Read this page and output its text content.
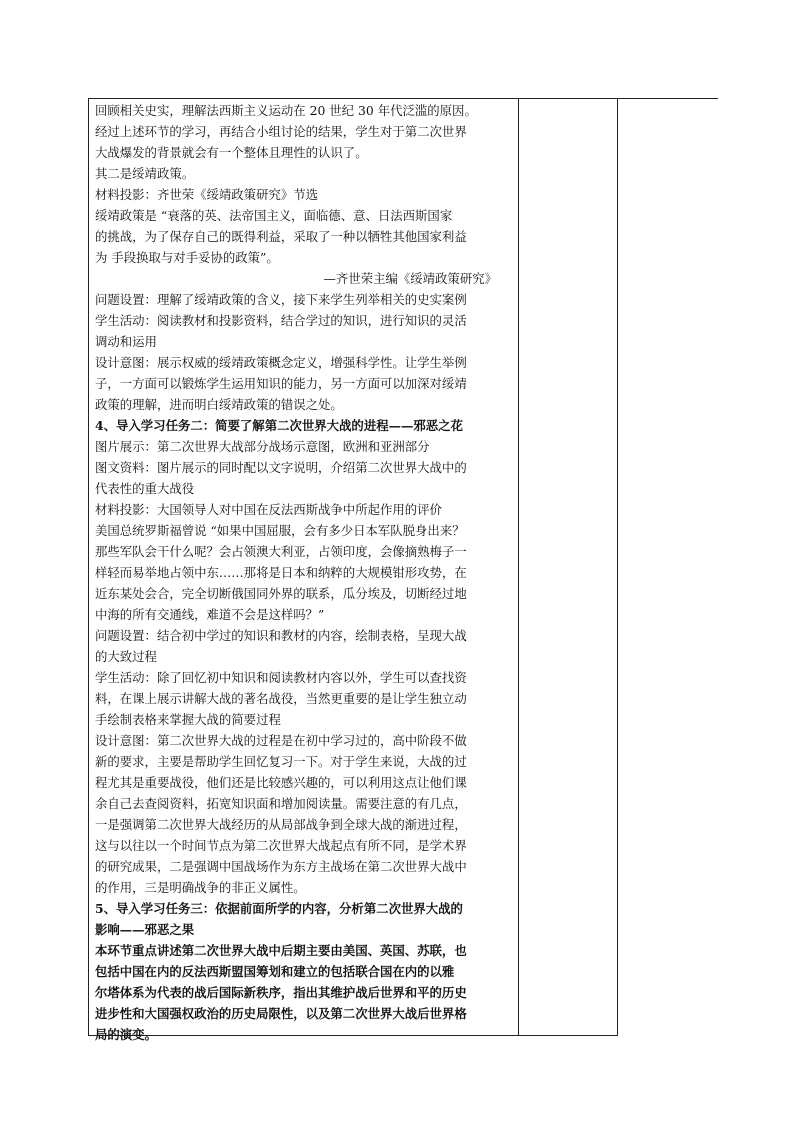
回顾相关史实，理解法西斯主义运动在 20 世纪 30 年代泛滥的原因。
经过上述环节的学习，再结合小组讨论的结果，学生对于第二次世界
大战爆发的背景就会有一个整体且理性的认识了。
其二是绥靖政策。
材料投影：齐世荣《绥靖政策研究》节选
绥靖政策是 “衰落的英、法帝国主义，面临德、意、日法西斯国家
的挑战，为了保存自己的既得利益，采取了一种以牺牲其他国家利益
为 手段换取与对手妥协的政策”。
—齐世荣主编《绥靖政策研究》
问题设置：理解了绥靖政策的含义，接下来学生列举相关的史实案例
学生活动：阅读教材和投影资料，结合学过的知识，进行知识的灵活
调动和运用
设计意图：展示权威的绥靖政策概念定义，增强科学性。让学生举例
子，一方面可以锻炼学生运用知识的能力，另一方面可以加深对绥靖
政策的理解，进而明白绥靖政策的错误之处。
4、导入学习任务二：简要了解第二次世界大战的进程——邪恶之花
图片展示：第二次世界大战部分战场示意图，欧洲和亚洲部分
图文资料：图片展示的同时配以文字说明，介绍第二次世界大战中的
代表性的重大战役
材料投影：大国领导人对中国在反法西斯战争中所起作用的评价
美国总统罗斯福曾说 “如果中国屈服，会有多少日本军队脱身出来？
那些军队会干什么呢？会占领澳大利亚，占领印度，会像摘熟梅子一
样轻而易举地占领中东……那将是日本和纳粹的大规模钳形攻势，在
近东某处会合，完全切断俄国同外界的联系，瓜分埃及，切断经过地
中海的所有交通线，难道不会是这样吗？”
问题设置：结合初中学过的知识和教材的内容，绘制表格，呈现大战
的大致过程
学生活动：除了回忆初中知识和阅读教材内容以外，学生可以查找资
料，在课上展示讲解大战的著名战役，当然更重要的是让学生独立动
手绘制表格来掌握大战的简要过程
设计意图：第二次世界大战的过程是在初中学习过的，高中阶段不做
新的要求，主要是帮助学生回忆复习一下。对于学生来说，大战的过
程尤其是重要战役，他们还是比较感兴趣的，可以利用这点让他们课
余自己去查阅资料，拓宽知识面和增加阅读量。需要注意的有几点，
一是强调第二次世界大战经历的从局部战争到全球大战的渐进过程，
这与以往以一个时间节点为第二次世界大战起点有所不同，是学术界
的研究成果，二是强调中国战场作为东方主战场在第二次世界大战中
的作用，三是明确战争的非正义属性。
5、导入学习任务三：依据前面所学的内容，分析第二次世界大战的
影响——邪恶之果
本环节重点讲述第二次世界大战中后期主要由美国、英国、苏联，也
包括中国在内的反法西斯盟国筹划和建立的包括联合国在内的以雅
尔塔体系为代表的战后国际新秩序，指出其维护战后世界和平的历史
进步性和大国强权政治的历史局限性，以及第二次世界大战后世界格
局的演变。
